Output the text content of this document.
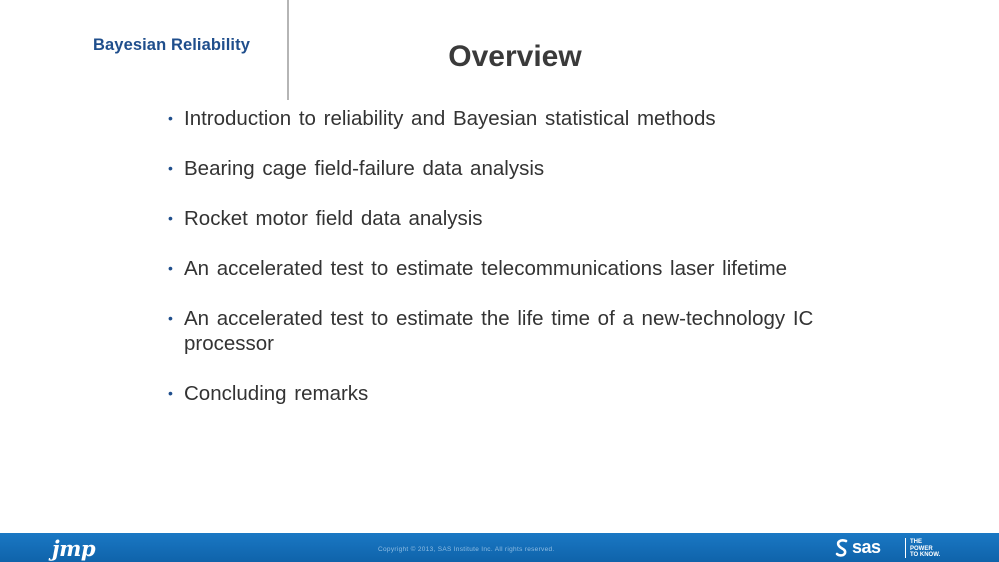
Bayesian Reliability	Overview
• Introduction to reliability and Bayesian statistical methods
• Bearing cage field-failure data analysis
• Rocket motor field data analysis
• An accelerated test to estimate telecommunications laser lifetime
• An accelerated test to estimate the life time of a new-technology IC processor
• Concluding remarks
jmp	Copyright © 2013, SAS Institute Inc. All rights reserved.	sas	THE
POWER
TO KNOW.
